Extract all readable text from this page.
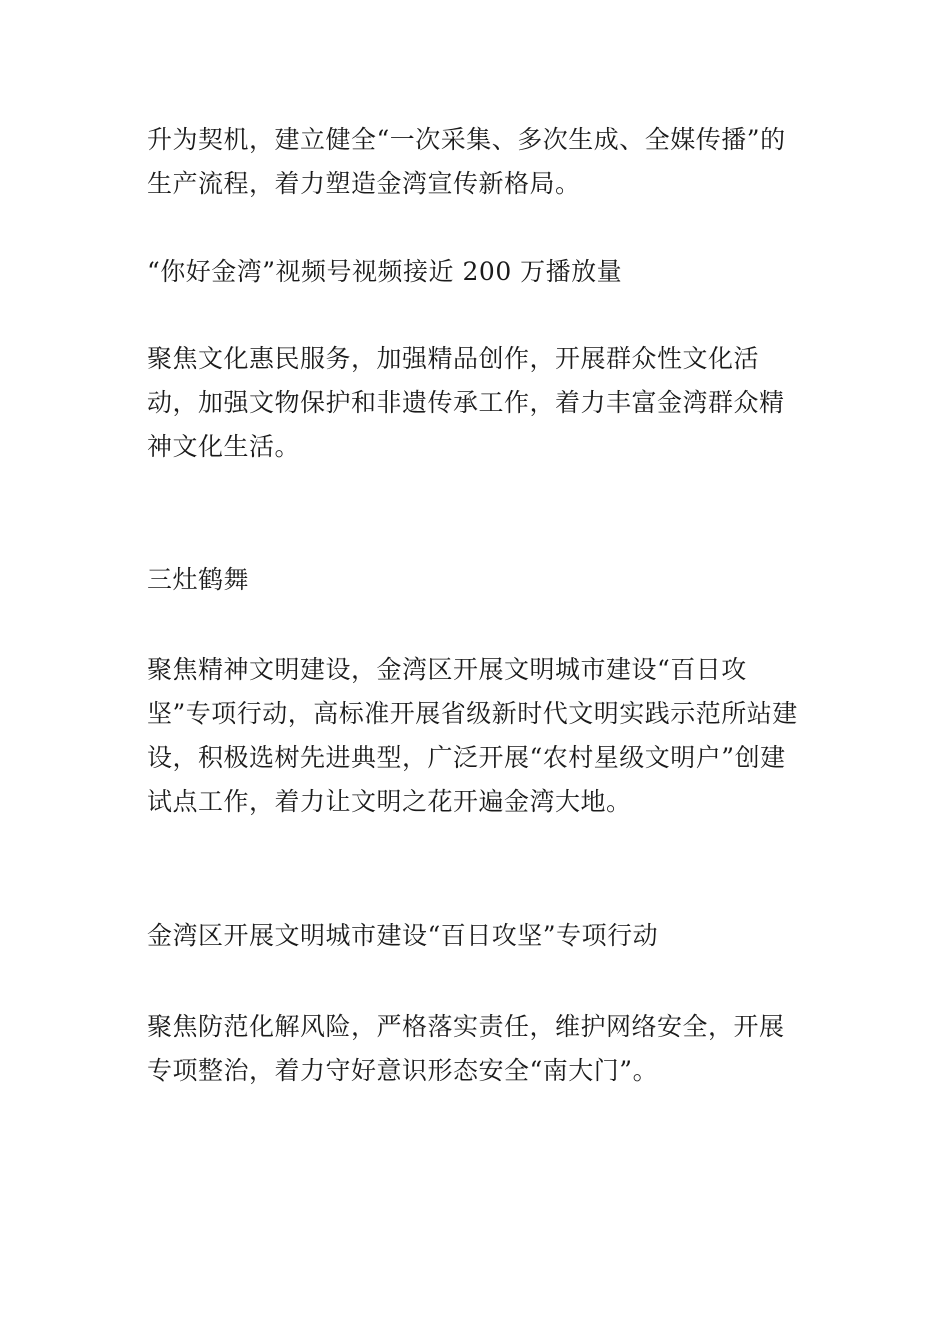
升为契机，建立健全“一次采集、多次生成、全媒传播”的生产流程，着力塑造金湾宣传新格局。

“你好金湾”视频号视频接近 200 万播放量

聚焦文化惠民服务，加强精品创作，开展群众性文化活动，加强文物保护和非遗传承工作，着力丰富金湾群众精神文化生活。

三灶鹤舞

聚焦精神文明建设，金湾区开展文明城市建设“百日攻坚”专项行动，高标准开展省级新时代文明实践示范所站建设，积极选树先进典型，广泛开展“农村星级文明户”创建试点工作，着力让文明之花开遍金湾大地。

金湾区开展文明城市建设“百日攻坚”专项行动

聚焦防范化解风险，严格落实责任，维护网络安全，开展专项整治，着力守好意识形态安全“南大门”。
